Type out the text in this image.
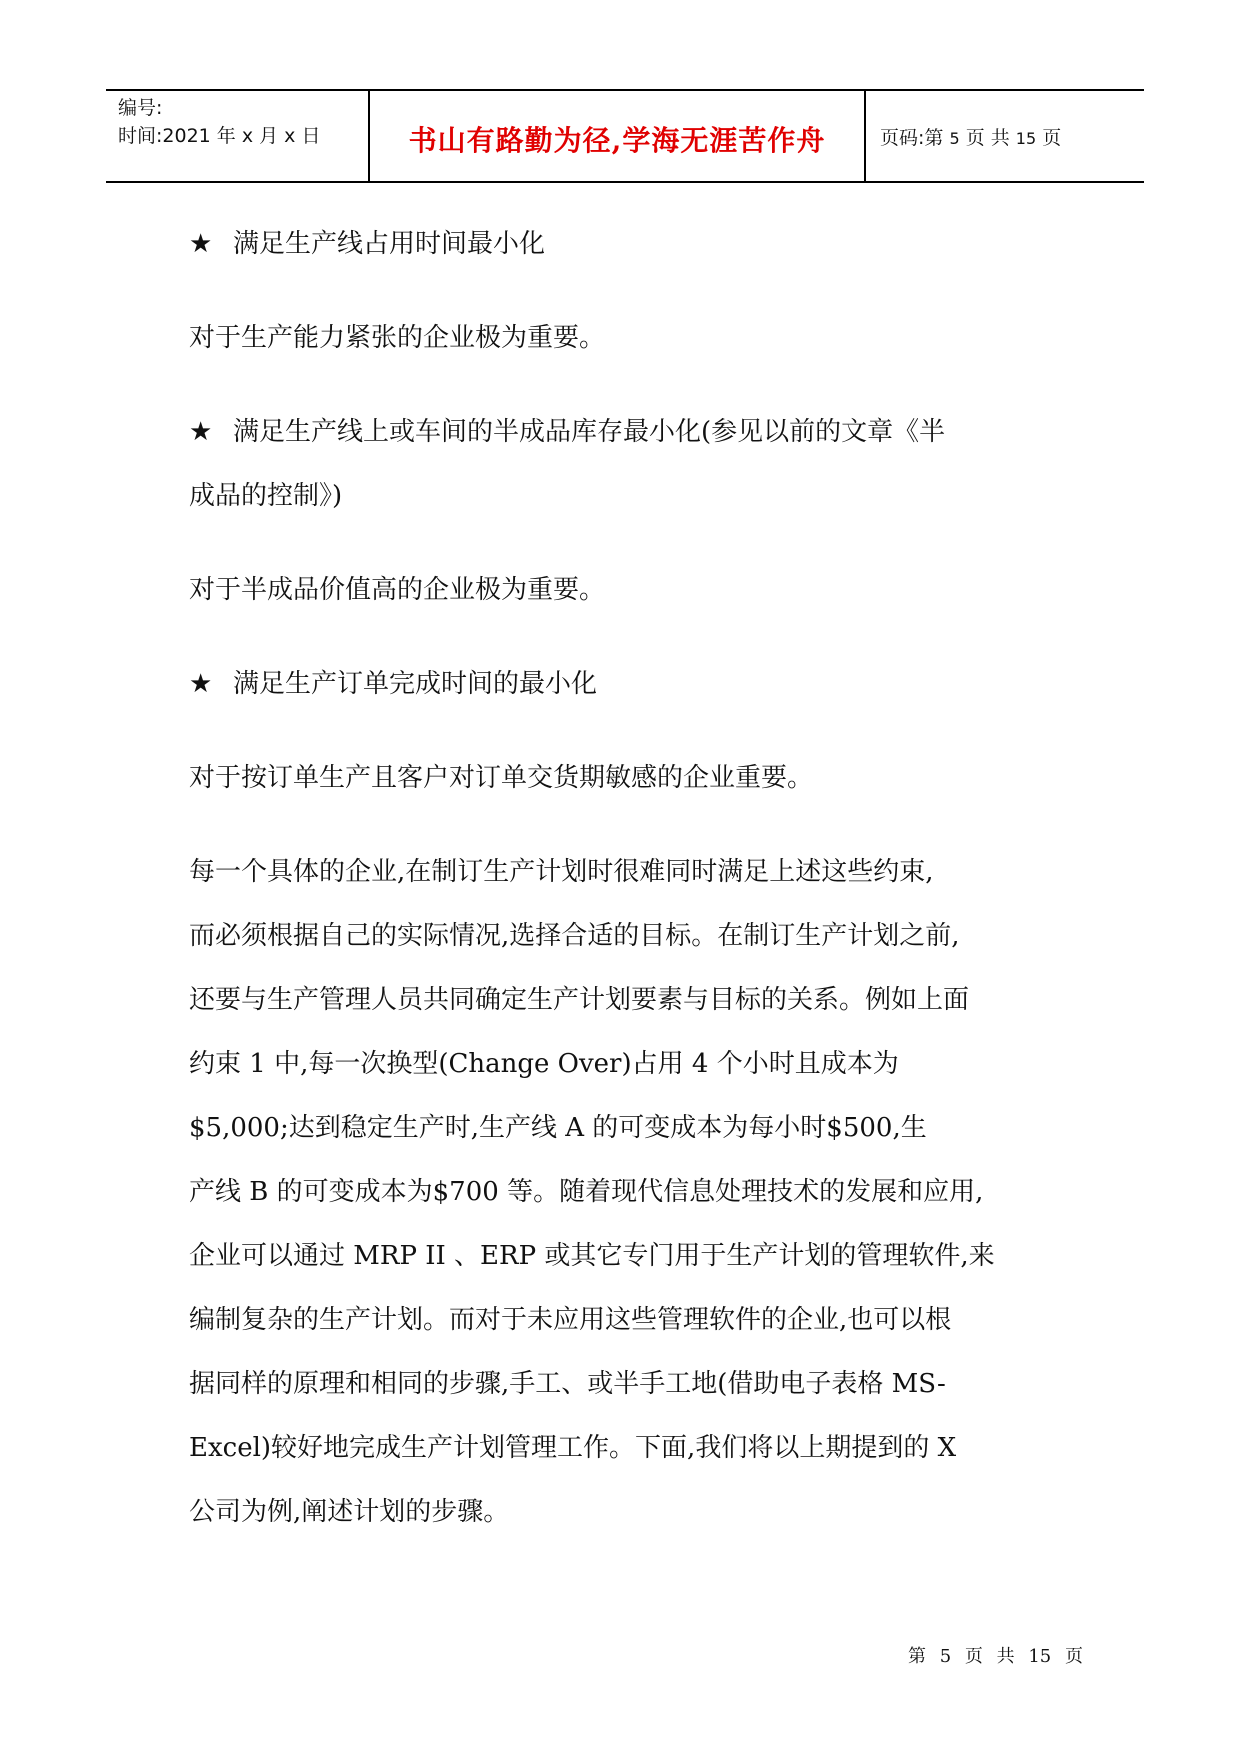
编号:
时间:2021 年 x 月 x 日	书山有路勤为径,学海无涯苦作舟	页码:第 5 页 共 15 页
★ 满足生产线占用时间最小化
对于生产能力紧张的企业极为重要。
★ 满足生产线上或车间的半成品库存最小化(参见以前的文章《半
成品的控制》)
对于半成品价值高的企业极为重要。
★ 满足生产订单完成时间的最小化
对于按订单生产且客户对订单交货期敏感的企业重要。
每一个具体的企业,在制订生产计划时很难同时满足上述这些约束,
而必须根据自己的实际情况,选择合适的目标。在制订生产计划之前,
还要与生产管理人员共同确定生产计划要素与目标的关系。例如上面
约束 1 中,每一次换型(Change Over)占用 4 个小时且成本为
$5,000;达到稳定生产时,生产线 A 的可变成本为每小时$500,生
产线 B 的可变成本为$700 等。随着现代信息处理技术的发展和应用,
企业可以通过 MRP II 、ERP 或其它专门用于生产计划的管理软件,来
编制复杂的生产计划。而对于未应用这些管理软件的企业,也可以根
据同样的原理和相同的步骤,手工、或半手工地(借助电子表格 MS-
Excel)较好地完成生产计划管理工作。下面,我们将以上期提到的 X
公司为例,阐述计划的步骤。
第 5 页 共 15 页
